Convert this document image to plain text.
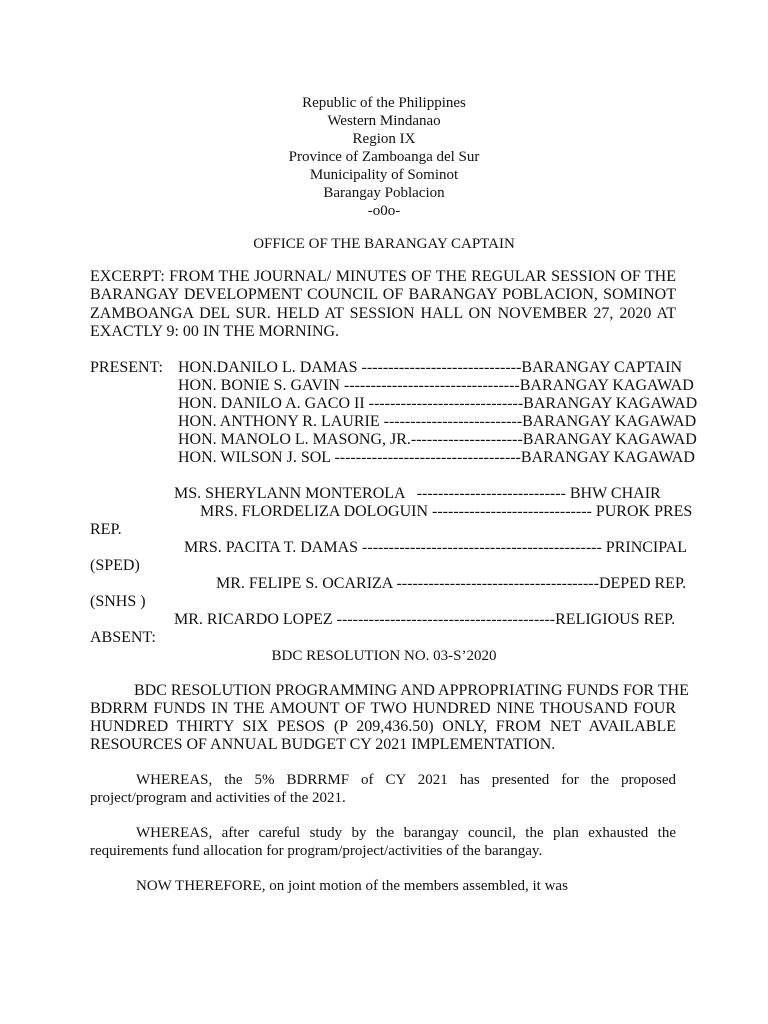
Republic of the Philippines
Western Mindanao
Region IX
Province of Zamboanga del Sur
Municipality of Sominot
Barangay Poblacion
-o0o-
OFFICE OF THE BARANGAY CAPTAIN
EXCERPT: FROM THE JOURNAL/ MINUTES OF THE REGULAR SESSION OF THE
BARANGAY DEVELOPMENT COUNCIL OF BARANGAY POBLACION, SOMINOT
ZAMBOANGA DEL SUR. HELD AT SESSION HALL ON NOVEMBER 27, 2020 AT
EXACTLY 9: 00 IN THE MORNING.
PRESENT: HON.DANILO L. DAMAS ------------------------------BARANGAY CAPTAIN
HON. BONIE S. GAVIN ---------------------------------BARANGAY KAGAWAD
HON. DANILO A. GACO II -----------------------------BARANGAY KAGAWAD
HON. ANTHONY R. LAURIE --------------------------BARANGAY KAGAWAD
HON. MANOLO L. MASONG, JR.---------------------BARANGAY KAGAWAD
HON. WILSON J. SOL -----------------------------------BARANGAY KAGAWAD
MS. SHERYLANN MONTEROLA   ---------------------------- BHW CHAIR
MRS. FLORDELIZA DOLOGUIN ------------------------------ PUROK PRES
REP.
MRS. PACITA T. DAMAS --------------------------------------------- PRINCIPAL
(SPED)
MR. FELIPE S. OCARIZA --------------------------------------DEPED REP.
(SNHS )
MR. RICARDO LOPEZ -----------------------------------------RELIGIOUS REP.
ABSENT:
BDC RESOLUTION NO. 03-S’2020
BDC RESOLUTION PROGRAMMING AND APPROPRIATING FUNDS FOR THE
BDRRM FUNDS IN THE AMOUNT OF TWO HUNDRED NINE THOUSAND FOUR
HUNDRED THIRTY SIX PESOS (P 209,436.50) ONLY, FROM NET AVAILABLE
RESOURCES OF ANNUAL BUDGET CY 2021 IMPLEMENTATION.
WHEREAS, the 5% BDRRMF of CY 2021 has presented for the proposed
project/program and activities of the 2021.
WHEREAS, after careful study by the barangay council, the plan exhausted the
requirements fund allocation for program/project/activities of the barangay.
NOW THEREFORE, on joint motion of the members assembled, it was
